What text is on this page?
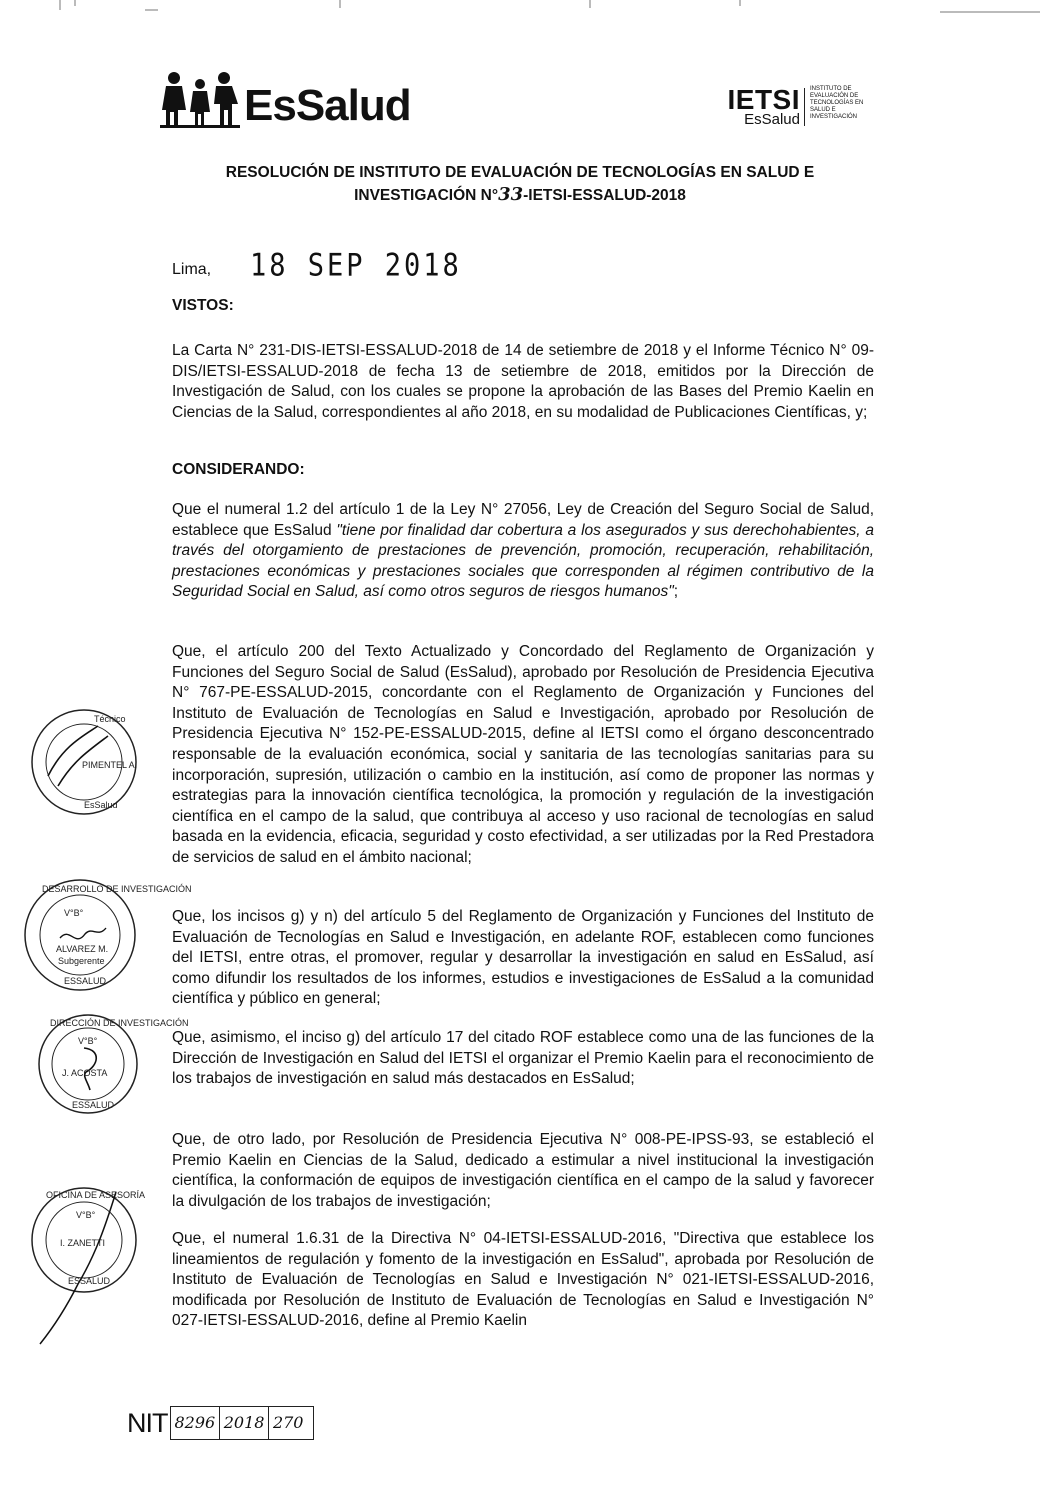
EsSalud	IETSI
EsSalud
INSTITUTO DE EVALUACIÓN DE TECNOLOGÍAS EN SALUD E INVESTIGACIÓN
RESOLUCIÓN DE INSTITUTO DE EVALUACIÓN DE TECNOLOGÍAS EN SALUD E
INVESTIGACIÓN N°33-IETSI-ESSALUD-2018
Lima, 18 SEP 2018
VISTOS:
La Carta N° 231-DIS-IETSI-ESSALUD-2018 de 14 de setiembre de 2018 y el Informe Técnico N° 09-DIS/IETSI-ESSALUD-2018 de fecha 13 de setiembre de 2018, emitidos por la Dirección de Investigación de Salud, con los cuales se propone la aprobación de las Bases del Premio Kaelin en Ciencias de la Salud, correspondientes al año 2018, en su modalidad de Publicaciones Científicas, y;
CONSIDERANDO:
Que el numeral 1.2 del artículo 1 de la Ley N° 27056, Ley de Creación del Seguro Social de Salud, establece que EsSalud "tiene por finalidad dar cobertura a los asegurados y sus derechohabientes, a través del otorgamiento de prestaciones de prevención, promoción, recuperación, rehabilitación, prestaciones económicas y prestaciones sociales que corresponden al régimen contributivo de la Seguridad Social en Salud, así como otros seguros de riesgos humanos";
Que, el artículo 200 del Texto Actualizado y Concordado del Reglamento de Organización y Funciones del Seguro Social de Salud (EsSalud), aprobado por Resolución de Presidencia Ejecutiva N° 767-PE-ESSALUD-2015, concordante con el Reglamento de Organización y Funciones del Instituto de Evaluación de Tecnologías en Salud e Investigación, aprobado por Resolución de Presidencia Ejecutiva N° 152-PE-ESSALUD-2015, define al IETSI como el órgano desconcentrado responsable de la evaluación económica, social y sanitaria de las tecnologías sanitarias para su incorporación, supresión, utilización o cambio en la institución, así como de proponer las normas y estrategias para la innovación científica tecnológica, la promoción y regulación de la investigación científica en el campo de la salud, que contribuya al acceso y uso racional de tecnologías en salud basada en la evidencia, eficacia, seguridad y costo efectividad, a ser utilizadas por la Red Prestadora de servicios de salud en el ámbito nacional;
Que, los incisos g) y n) del artículo 5 del Reglamento de Organización y Funciones del Instituto de Evaluación de Tecnologías en Salud e Investigación, en adelante ROF, establecen como funciones del IETSI, entre otras, el promover, regular y desarrollar la investigación en salud en EsSalud, así como difundir los resultados de los informes, estudios e investigaciones de EsSalud a la comunidad científica y público en general;
Que, asimismo, el inciso g) del artículo 17 del citado ROF establece como una de las funciones de la Dirección de Investigación en Salud del IETSI el organizar el Premio Kaelin para el reconocimiento de los trabajos de investigación en salud más destacados en EsSalud;
Que, de otro lado, por Resolución de Presidencia Ejecutiva N° 008-PE-IPSS-93, se estableció el Premio Kaelin en Ciencias de la Salud, dedicado a estimular a nivel institucional la investigación científica, la conformación de equipos de investigación científica en el campo de la salud y favorecer la divulgación de los trabajos de investigación;
Que, el numeral 1.6.31 de la Directiva N° 04-IETSI-ESSALUD-2016, "Directiva que establece los lineamientos de regulación y fomento de la investigación en EsSalud", aprobada por Resolución de Instituto de Evaluación de Tecnologías en Salud e Investigación N° 021-IETSI-ESSALUD-2016, modificada por Resolución de Instituto de Evaluación de Tecnologías en Salud e Investigación N° 027-IETSI-ESSALUD-2016, define al Premio Kaelin
Técnico
PIMENTEL A.
EsSalud
DESARROLLO DE INVESTIGACIÓN
V°B°
ALVAREZ M.
Subgerente
ESSALUD
DIRECCIÓN DE INVESTIGACIÓN
V°B°
J. ACOSTA
ESSALUD
OFICINA DE ASESORÍA
V°B°
I. ZANETTI
ESSALUD
NIT 8296 2018 270
